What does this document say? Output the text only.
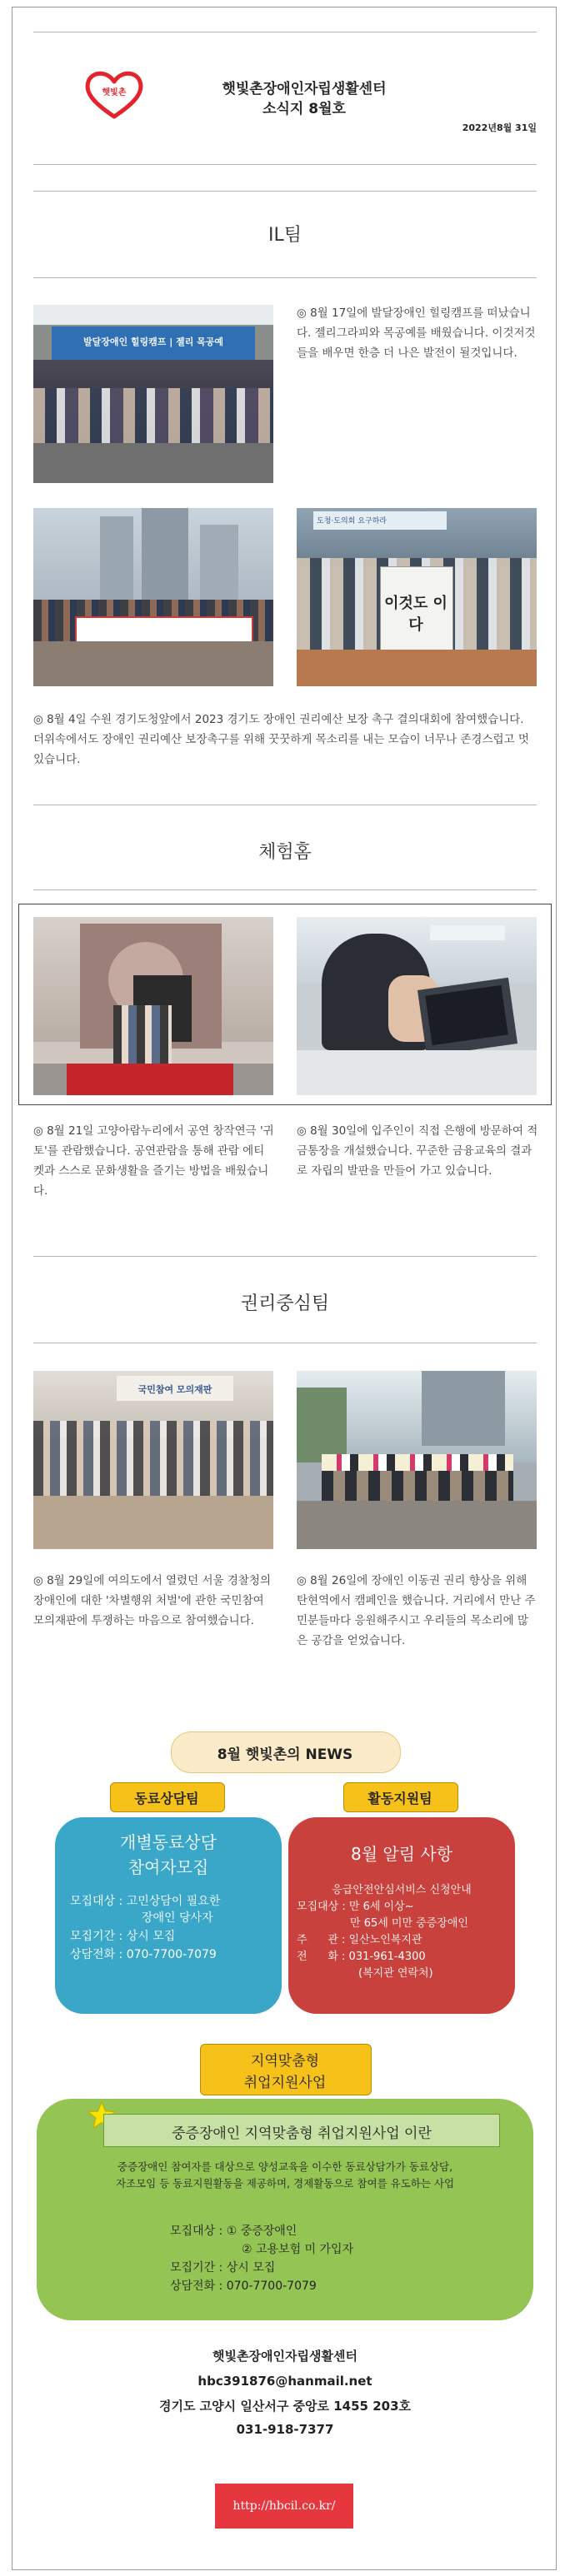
햇빛촌	햇빛촌장애인자립생활센터
소식지 8월호
2022년8월 31일
IL팀
발달장애인 힐링캠프 | 젤리 목공예
◎ 8월 17일에 발달장애인 힐링캠프를 떠났습니다. 젤리그라피와 목공예를 배웠습니다. 이것저것들을 배우면 한층 더 나은 발전이 될것입니다.
도청·도의회 요구하라
이것도 이다
◎ 8월 4일 수원 경기도청앞에서 2023 경기도 장애인 권리예산 보장 촉구 결의대회에 참여했습니다. 더위속에서도 장애인 권리예산 보장촉구를 위해 꿋꿋하게 목소리를 내는 모습이 너무나 존경스럽고 멋있습니다.
체험홈
◎ 8월 21일 고양아람누리에서 공연 창작연극 '귀토'를 관람했습니다. 공연관람을 통해 관람 에티켓과 스스로 문화생활을 즐기는 방법을 배웠습니다.
◎ 8월 30일에 입주인이 직접 은행에 방문하여 적금통장을 개설했습니다. 꾸준한 금융교육의 결과로 자립의 발판을 만들어 가고 있습니다.
권리중심팀
국민참여 모의재판
◎ 8월 29일에 여의도에서 열렸던 서울 경찰청의 장애인에 대한 '차별행위 처벌'에 관한 국민참여 모의재판에 투쟁하는 마음으로 참여했습니다.
◎ 8월 26일에 장애인 이동권 권리 향상을 위해 탄현역에서 캠페인을 했습니다. 거리에서 만난 주민분들마다 응원해주시고 우리들의 목소리에 많은 공감을 얻었습니다.
8월 햇빛촌의 NEWS
동료상담팀
개별동료상담
참여자모집
모집대상 : 고민상담이 필요한
장애인 당사자
모집기간 : 상시 모집
상담전화 : 070-7700-7079
활동지원팀
8월 알림 사항
응급안전안심서비스 신청안내
모집대상 : 만 6세 이상~
만 65세 미만 중증장애인
주      관 : 일산노인복지관
전      화 : 031-961-4300
(복지관 연락처)
지역맞춤형
취업지원사업
중증장애인 지역맞춤형 취업지원사업 이란
중증장애인 참여자를 대상으로 양성교육을 이수한 동료상담가가 동료상담,
자조모임 등 동료지원활동을 제공하며, 경제활동으로 참여를 유도하는 사업
모집대상 : ① 중증장애인
② 고용보험 미 가입자
모집기간 : 상시 모집
상담전화 : 070-7700-7079
햇빛촌장애인자립생활센터
hbc391876@hanmail.net
경기도 고양시 일산서구 중앙로 1455 203호
031-918-7377
http://hbcil.co.kr/
